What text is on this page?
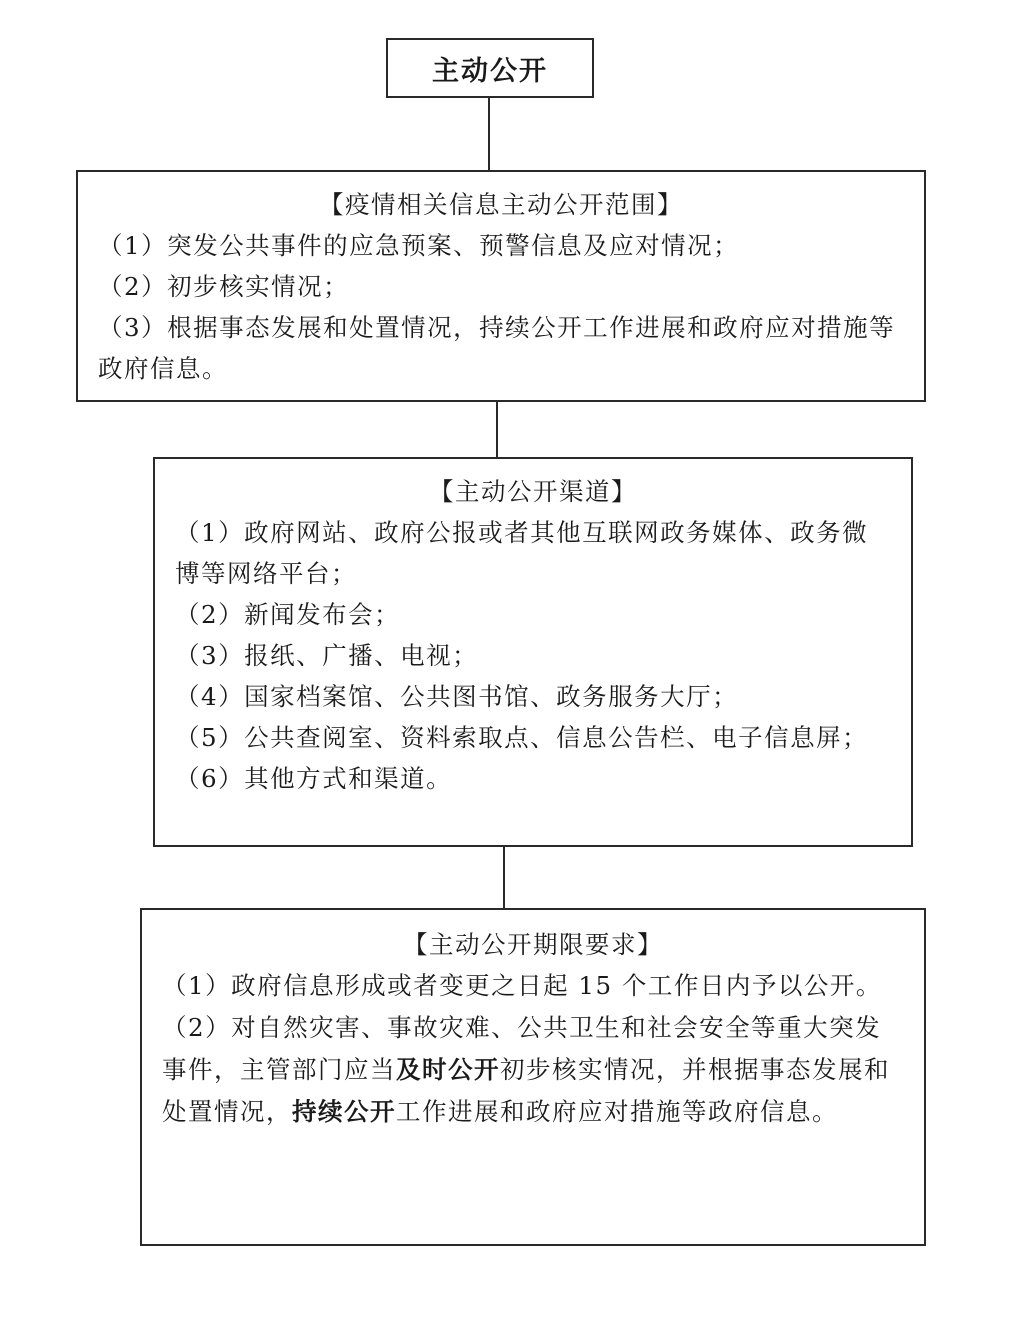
主动公开
【疫情相关信息主动公开范围】

（1）突发公共事件的应急预案、预警信息及应对情况；

（2）初步核实情况；

（3）根据事态发展和处置情况，持续公开工作进展和政府应对措施等政府信息。

【主动公开渠道】

（1）政府网站、政府公报或者其他互联网政务媒体、政务微博等网络平台；

（2）新闻发布会；

（3）报纸、广播、电视；

（4）国家档案馆、公共图书馆、政务服务大厅；

（5）公共查阅室、资料索取点、信息公告栏、电子信息屏；

（6）其他方式和渠道。

【主动公开期限要求】

（1）政府信息形成或者变更之日起 15 个工作日内予以公开。

（2）对自然灾害、事故灾难、公共卫生和社会安全等重大突发事件，主管部门应当及时公开初步核实情况，并根据事态发展和处置情况，持续公开工作进展和政府应对措施等政府信息。
